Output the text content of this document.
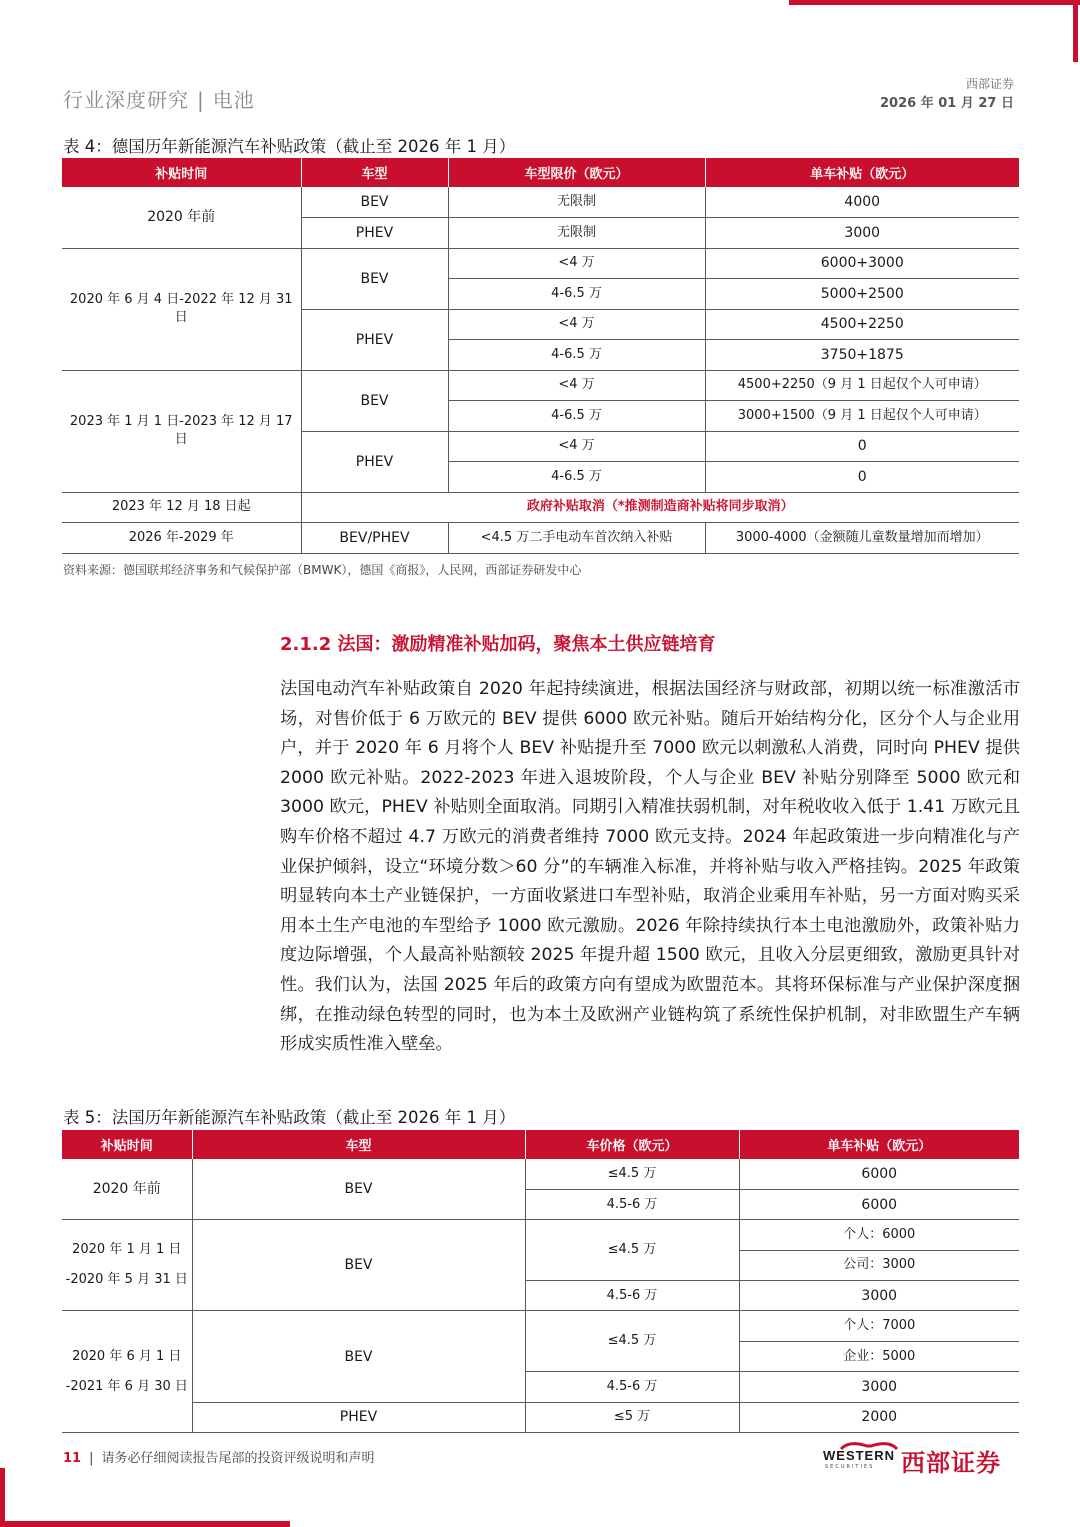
行业深度研究 | 电池
西部证券
2026 年 01 月 27 日
表 4：德国历年新能源汽车补贴政策（截止至 2026 年 1 月）
补贴时间	车型	车型限价（欧元）	单车补贴（欧元）
2020 年前	BEV	无限制	4000
	PHEV	无限制	3000
2020 年 6 月 4 日-2022 年 12 月 31 日	BEV	<4 万	6000+3000
		4-6.5 万	5000+2500
	PHEV	<4 万	4500+2250
		4-6.5 万	3750+1875
2023 年 1 月 1 日-2023 年 12 月 17 日	BEV	<4 万	4500+2250（9 月 1 日起仅个人可申请）
		4-6.5 万	3000+1500（9 月 1 日起仅个人可申请）
	PHEV	<4 万	0
		4-6.5 万	0
2023 年 12 月 18 日起	政府补贴取消（*推测制造商补贴将同步取消）		
2026 年-2029 年	BEV/PHEV	<4.5 万二手电动车首次纳入补贴	3000-4000（金额随儿童数量增加而增加）
资料来源：德国联邦经济事务和气候保护部（BMWK），德国《商报》，人民网，西部证券研发中心
2.1.2 法国：激励精准补贴加码，聚焦本土供应链培育
法国电动汽车补贴政策自 2020 年起持续演进，根据法国经济与财政部，初期以统一标准激活市场，对售价低于 6 万欧元的 BEV 提供 6000 欧元补贴。随后开始结构分化，区分个人与企业用户，并于 2020 年 6 月将个人 BEV 补贴提升至 7000 欧元以刺激私人消费，同时向 PHEV 提供 2000 欧元补贴。2022-2023 年进入退坡阶段，个人与企业 BEV 补贴分别降至 5000 欧元和 3000 欧元，PHEV 补贴则全面取消。同期引入精准扶弱机制，对年税收收入低于 1.41 万欧元且购车价格不超过 4.7 万欧元的消费者维持 7000 欧元支持。2024 年起政策进一步向精准化与产业保护倾斜，设立“环境分数＞60 分”的车辆准入标准，并将补贴与收入严格挂钩。2025 年政策明显转向本土产业链保护，一方面收紧进口车型补贴，取消企业乘用车补贴，另一方面对购买采用本土生产电池的车型给予 1000 欧元激励。2026 年除持续执行本土电池激励外，政策补贴力度边际增强，个人最高补贴额较 2025 年提升超 1500 欧元，且收入分层更细致，激励更具针对性。我们认为，法国 2025 年后的政策方向有望成为欧盟范本。其将环保标准与产业保护深度捆绑，在推动绿色转型的同时，也为本土及欧洲产业链构筑了系统性保护机制，对非欧盟生产车辆形成实质性准入壁垒。
表 5：法国历年新能源汽车补贴政策（截止至 2026 年 1 月）
补贴时间	车型	车价格（欧元）	单车补贴（欧元）
2020 年前	BEV	≤4.5 万	6000
		4.5-6 万	6000

2020 年 1 月 1 日
-2020 年 5 月 31 日	BEV	≤4.5 万	个人：6000
			公司：3000
		4.5-6 万	3000

2020 年 6 月 1 日
-2021 年 6 月 30 日	BEV	≤4.5 万	个人：7000
			企业：5000
		4.5-6 万	3000
	PHEV	≤5 万	2000
11 | 请务必仔细阅读报告尾部的投资评级说明和声明	WESTERN
SECURITIES 西部证券
